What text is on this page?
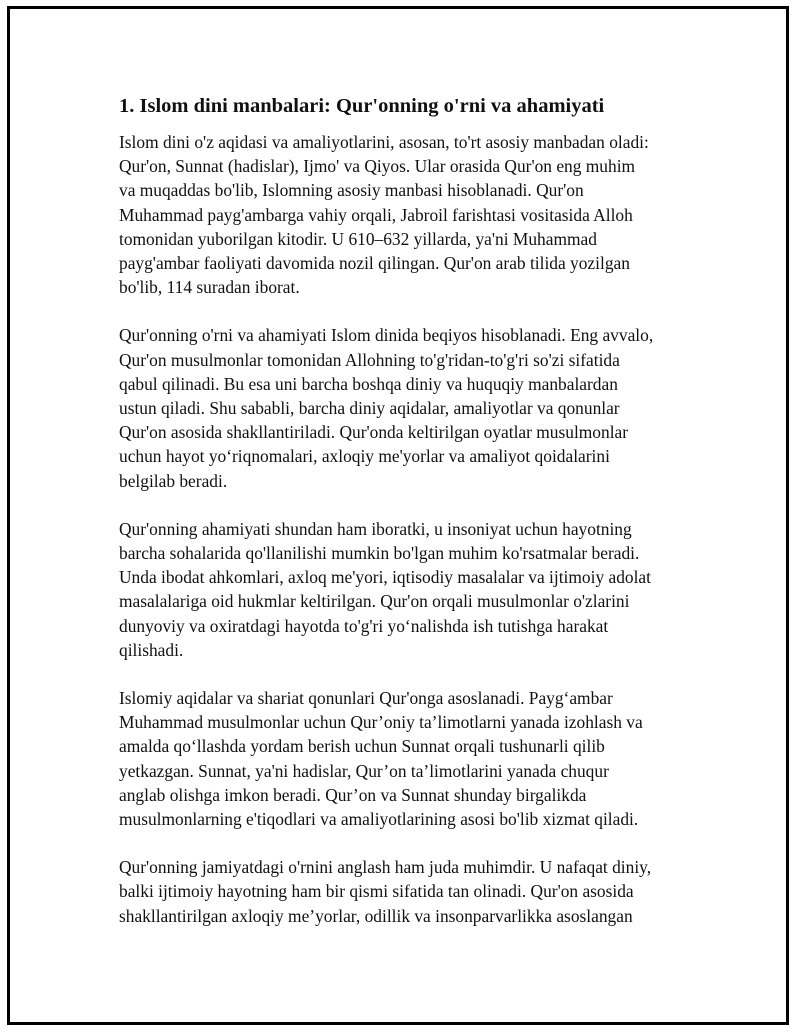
1. Islom dini manbalari: Qur'onning o'rni va ahamiyati

Islom dini o'z aqidasi va amaliyotlarini, asosan, to'rt asosiy manbadan oladi:
Qur'on, Sunnat (hadislar), Ijmo' va Qiyos. Ular orasida Qur'on eng muhim
va muqaddas bo'lib, Islomning asosiy manbasi hisoblanadi. Qur'on
Muhammad payg'ambarga vahiy orqali, Jabroil farishtasi vositasida Alloh
tomonidan yuborilgan kitodir. U 610–632 yillarda, ya'ni Muhammad
payg'ambar faoliyati davomida nozil qilingan. Qur'on arab tilida yozilgan
bo'lib, 114 suradan iborat.

Qur'onning o'rni va ahamiyati Islom dinida beqiyos hisoblanadi. Eng avvalo,
Qur'on musulmonlar tomonidan Allohning to'g'ridan-to'g'ri so'zi sifatida
qabul qilinadi. Bu esa uni barcha boshqa diniy va huquqiy manbalardan
ustun qiladi. Shu sababli, barcha diniy aqidalar, amaliyotlar va qonunlar
Qur'on asosida shakllantiriladi. Qur'onda keltirilgan oyatlar musulmonlar
uchun hayot yo‘riqnomalari, axloqiy me'yorlar va amaliyot qoidalarini
belgilab beradi.

Qur'onning ahamiyati shundan ham iboratki, u insoniyat uchun hayotning
barcha sohalarida qo'llanilishi mumkin bo'lgan muhim ko'rsatmalar beradi.
Unda ibodat ahkomlari, axloq me'yori, iqtisodiy masalalar va ijtimoiy adolat
masalalariga oid hukmlar keltirilgan. Qur'on orqali musulmonlar o'zlarini
dunyoviy va oxiratdagi hayotda to'g'ri yo‘nalishda ish tutishga harakat
qilishadi.

Islomiy aqidalar va shariat qonunlari Qur'onga asoslanadi. Payg‘ambar
Muhammad musulmonlar uchun Qur’oniy ta’limotlarni yanada izohlash va
amalda qo‘llashda yordam berish uchun Sunnat orqali tushunarli qilib
yetkazgan. Sunnat, ya'ni hadislar, Qur’on ta’limotlarini yanada chuqur
anglab olishga imkon beradi. Qur’on va Sunnat shunday birgalikda
musulmonlarning e'tiqodlari va amaliyotlarining asosi bo'lib xizmat qiladi.

Qur'onning jamiyatdagi o'rnini anglash ham juda muhimdir. U nafaqat diniy,
balki ijtimoiy hayotning ham bir qismi sifatida tan olinadi. Qur'on asosida
shakllantirilgan axloqiy me’yorlar, odillik va insonparvarlikka asoslangan
